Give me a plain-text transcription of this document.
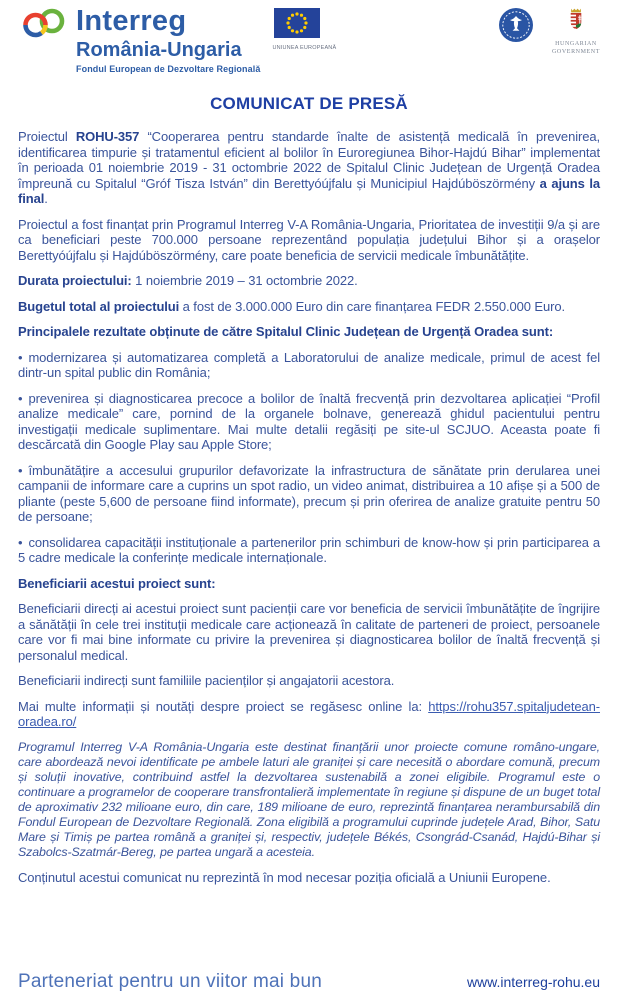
Interreg
România-Ungaria
Fondul European de Dezvoltare Regională
UNIUNEA EUROPEANĂ
HUNGARIAN
GOVERNMENT
COMUNICAT DE PRESĂ

Proiectul ROHU-357 “Cooperarea pentru standarde înalte de asistență medicală în prevenirea, identificarea timpurie și tratamentul eficient al bolilor în Euroregiunea Bihor-Hajdú Bihar” implementat în perioada 01 noiembrie 2019 - 31 octombrie 2022 de Spitalul Clinic Județean de Urgență Oradea împreună cu Spitalul “Gróf Tisza István” din Berettyóújfalu și Municipiul Hajdúböszörmény a ajuns la final.

Proiectul a fost finanțat prin Programul Interreg V-A România-Ungaria, Prioritatea de investiții 9/a și are ca beneficiari peste 700.000 persoane reprezentând populația județului Bihor și a orașelor Berettyóújfalu și Hajdúböszörmény, care poate beneficia de servicii medicale îmbunătățite.

Durata proiectului: 1 noiembrie 2019 – 31 octombrie 2022.

Bugetul total al proiectului a fost de 3.000.000 Euro din care finanțarea FEDR 2.550.000 Euro.

Principalele rezultate obținute de către Spitalul Clinic Județean de Urgență Oradea sunt:

• modernizarea și automatizarea completă a Laboratorului de analize medicale, primul de acest fel dintr-un spital public din România;

• prevenirea și diagnosticarea precoce a bolilor de înaltă frecvență prin dezvoltarea aplicației “Profil analize medicale” care, pornind de la organele bolnave, generează ghidul pacientului pentru investigații medicale suplimentare. Mai multe detalii regăsiți pe site-ul SCJUO. Aceasta poate fi descărcată din Google Play sau Apple Store;

• îmbunătățire a accesului grupurilor defavorizate la infrastructura de sănătate prin derularea unei campanii de informare care a cuprins un spot radio, un video animat, distribuirea a 10 afișe și a 500 de pliante (peste 5,600 de persoane fiind informate), precum și prin oferirea de analize gratuite pentru 50 de persoane;

• consolidarea capacității instituționale a partenerilor prin schimburi de know-how și prin participarea a 5 cadre medicale la conferințe medicale internaționale.

Beneficiarii acestui proiect sunt:

Beneficiarii direcți ai acestui proiect sunt pacienții care vor beneficia de servicii îmbunătățite de îngrijire a sănătății în cele trei instituții medicale care acționează în calitate de parteneri de proiect, persoanele care vor fi mai bine informate cu privire la prevenirea și diagnosticarea bolilor de înaltă frecvență și personalul medical.

Beneficiarii indirecți sunt familiile pacienților și angajatorii acestora.

Mai multe informații și noutăți despre proiect se regăsesc online la: https://rohu357.spitaljudetean-oradea.ro/

Programul Interreg V-A România-Ungaria este destinat finanțării unor proiecte comune româno-ungare, care abordează nevoi identificate pe ambele laturi ale graniței și care necesită o abordare comună, precum și soluții inovative, contribuind astfel la dezvoltarea sustenabilă a zonei eligibile. Programul este o continuare a programelor de cooperare transfrontalieră implementate în regiune și dispune de un buget total de aproximativ 232 milioane euro, din care, 189 milioane de euro, reprezintă finanțarea nerambursabilă din Fondul European de Dezvoltare Regională. Zona eligibilă a programului cuprinde județele Arad, Bihor, Satu Mare și Timiș pe partea română a graniței și, respectiv, județele Békés, Csongrád-Csanád, Hajdú-Bihar și Szabolcs-Szatmár-Bereg, pe partea ungară a acesteia.

Conținutul acestui comunicat nu reprezintă în mod necesar poziția oficială a Uniunii Europene.

Parteneriat pentru un viitor mai bun	www.interreg-rohu.eu
